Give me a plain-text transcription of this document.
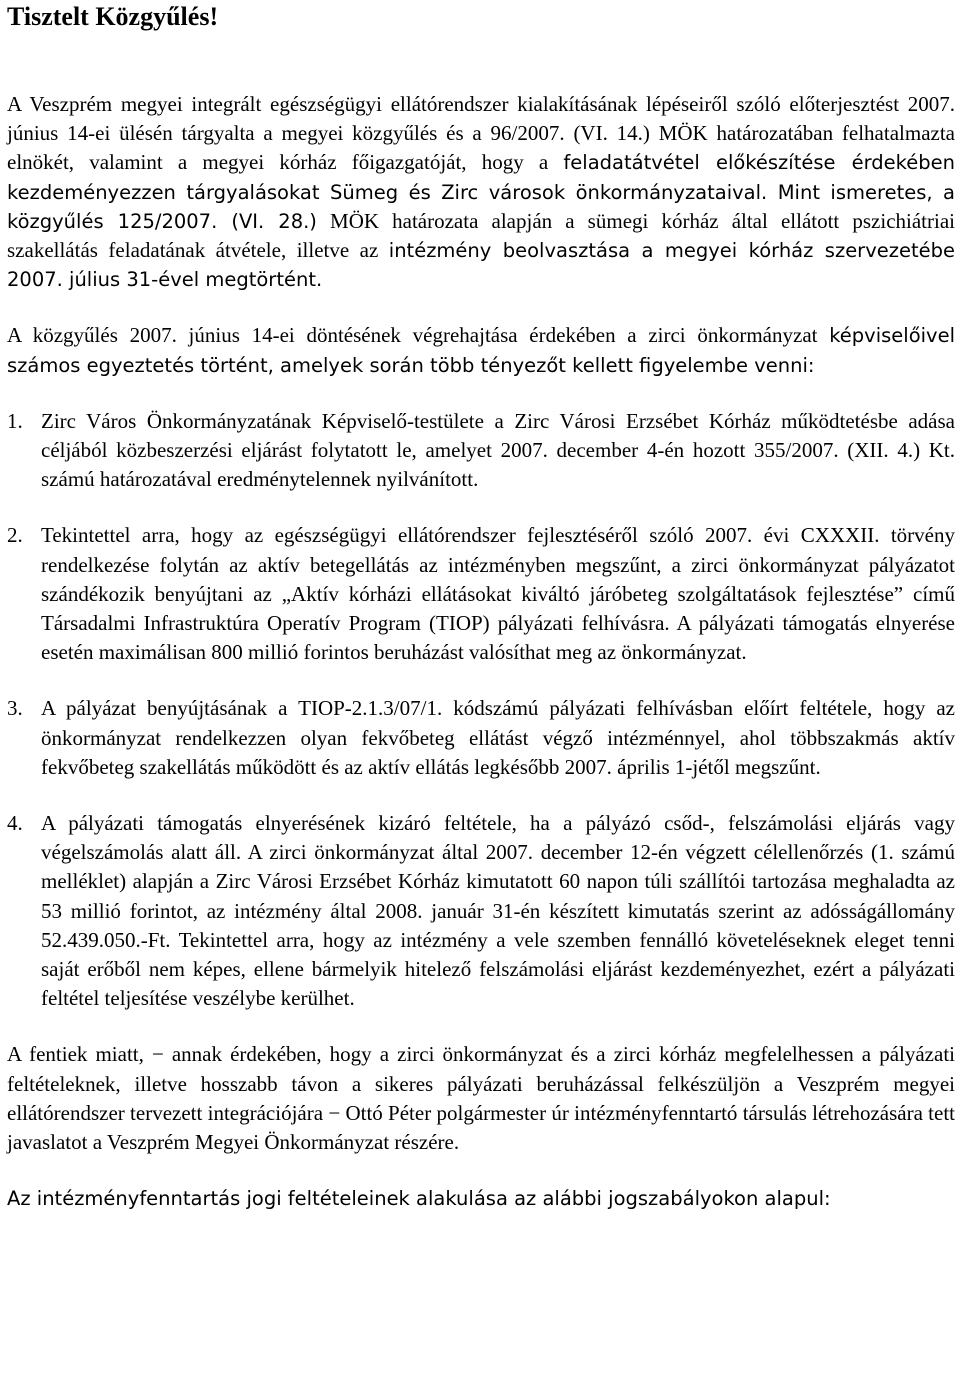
Tisztelt Közgyűlés!

A Veszprém megyei integrált egészségügyi ellátórendszer kialakításának lépéseiről szóló előterjesztést 2007. június 14-ei ülésén tárgyalta a megyei közgyűlés és a 96/2007. (VI. 14.) MÖK határozatában felhatalmazta elnökét, valamint a megyei kórház főigazgatóját, hogy a feladatátvétel előkészítése érdekében kezdeményezzen tárgyalásokat Sümeg és Zirc városok önkormányzataival. Mint ismeretes, a közgyűlés 125/2007. (VI. 28.) MÖK határozata alapján a sümegi kórház által ellátott pszichiátriai szakellátás feladatának átvétele, illetve az intézmény beolvasztása a megyei kórház szervezetébe 2007. július 31-ével megtörtént.

A közgyűlés 2007. június 14-ei döntésének végrehajtása érdekében a zirci önkormányzat képviselőivel számos egyeztetés történt, amelyek során több tényezőt kellett figyelembe venni:

1. Zirc Város Önkormányzatának Képviselő-testülete a Zirc Városi Erzsébet Kórház működtetésbe adása céljából közbeszerzési eljárást folytatott le, amelyet 2007. december 4-én hozott 355/2007. (XII. 4.) Kt. számú határozatával eredménytelennek nyilvánított.
2. Tekintettel arra, hogy az egészségügyi ellátórendszer fejlesztéséről szóló 2007. évi CXXXII. törvény rendelkezése folytán az aktív betegellátás az intézményben megszűnt, a zirci önkormányzat pályázatot szándékozik benyújtani az „Aktív kórházi ellátásokat kiváltó járóbeteg szolgáltatások fejlesztése” című Társadalmi Infrastruktúra Operatív Program (TIOP) pályázati felhívásra. A pályázati támogatás elnyerése esetén maximálisan 800 millió forintos beruházást valósíthat meg az önkormányzat.
3. A pályázat benyújtásának a TIOP-2.1.3/07/1. kódszámú pályázati felhívásban előírt feltétele, hogy az önkormányzat rendelkezzen olyan fekvőbeteg ellátást végző intézménnyel, ahol többszakmás aktív fekvőbeteg szakellátás működött és az aktív ellátás legkésőbb 2007. április 1-jétől megszűnt.
4. A pályázati támogatás elnyerésének kizáró feltétele, ha a pályázó csőd-, felszámolási eljárás vagy végelszámolás alatt áll. A zirci önkormányzat által 2007. december 12-én végzett célellenőrzés (1. számú melléklet) alapján a Zirc Városi Erzsébet Kórház kimutatott 60 napon túli szállítói tartozása meghaladta az 53 millió forintot, az intézmény által 2008. január 31-én készített kimutatás szerint az adósságállomány 52.439.050.-Ft. Tekintettel arra, hogy az intézmény a vele szemben fennálló követeléseknek eleget tenni saját erőből nem képes, ellene bármelyik hitelező felszámolási eljárást kezdeményezhet, ezért a pályázati feltétel teljesítése veszélybe kerülhet.

A fentiek miatt, − annak érdekében, hogy a zirci önkormányzat és a zirci kórház megfelelhessen a pályázati feltételeknek, illetve hosszabb távon a sikeres pályázati beruházással felkészüljön a Veszprém megyei ellátórendszer tervezett integrációjára − Ottó Péter polgármester úr intézményfenntartó társulás létrehozására tett javaslatot a Veszprém Megyei Önkormányzat részére.

Az intézményfenntartás jogi feltételeinek alakulása az alábbi jogszabályokon alapul:
